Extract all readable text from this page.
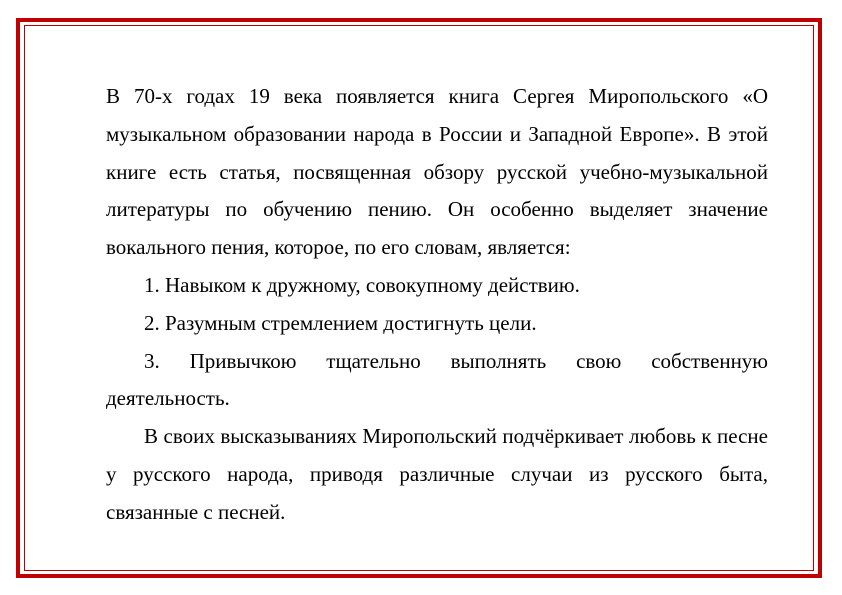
В 70-х годах 19 века появляется книга Сергея Миропольского «О музыкальном образовании народа в России и Западной Европе». В этой книге есть статья, посвященная обзору русской учебно-музыкальной литературы по обучению пению. Он особенно выделяет значение вокального пения, которое, по его словам, является:

1. Навыком к дружному, совокупному действию.

2. Разумным стремлением достигнуть цели.

3. Привычкою тщательно выполнять свою собственную деятельность.

В своих высказываниях Миропольский подчёркивает любовь к песне у русского народа, приводя различные случаи из русского быта, связанные с песней.
